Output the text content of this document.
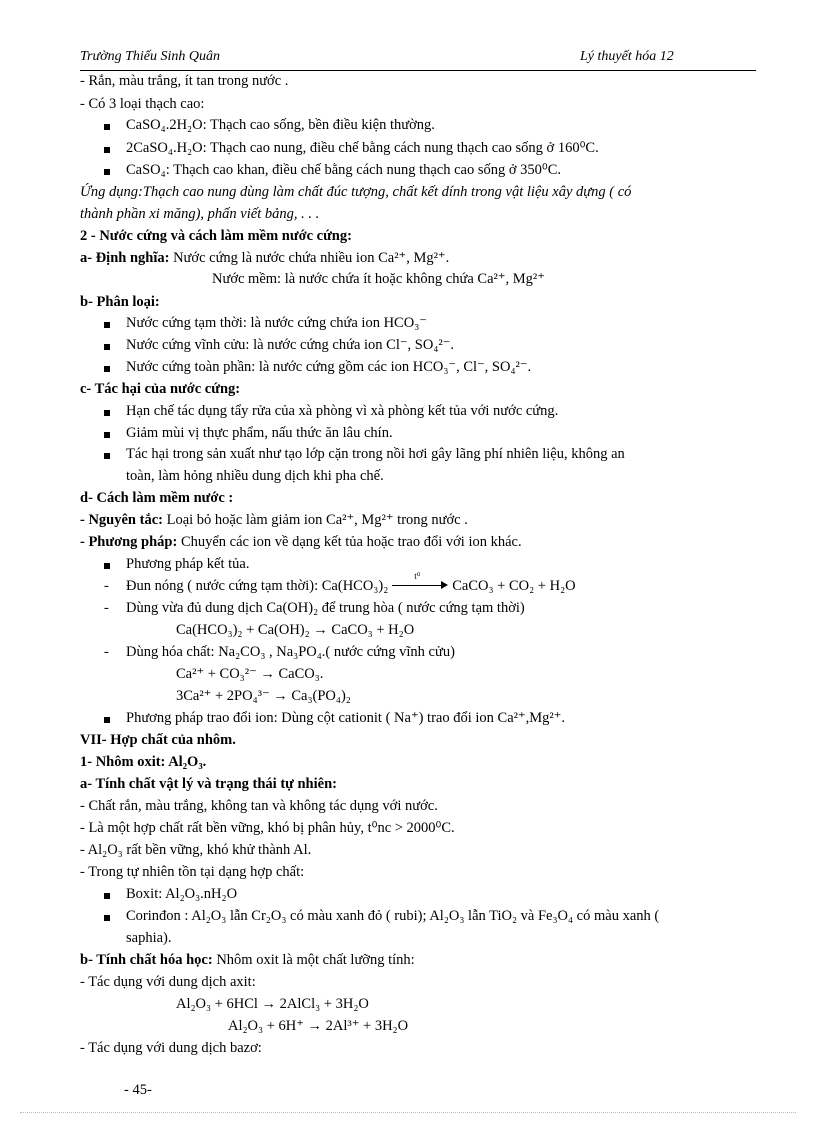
Trường Thiếu Sinh Quân	Lý thuyết hóa 12
- Rắn, màu trắng, ít tan trong nước .
- Có 3 loại thạch cao:
CaSO₄.2H₂O: Thạch cao sống, bền điều kiện thường.
2CaSO₄.H₂O: Thạch cao nung, điều chế bằng cách nung thạch cao sống ở 160⁰C.
CaSO₄: Thạch cao khan, điều chế bằng cách nung thạch cao sống ở 350⁰C.
Ứng dụng:Thạch cao nung dùng làm chất đúc tượng, chất kết dính trong vật liệu xây dựng ( có
thành phần xi măng), phấn viết bảng, . . .
2 - Nước cứng và cách làm mềm nước cứng:
a- Định nghĩa: Nước cứng là nước chứa nhiều ion Ca²⁺, Mg²⁺.
Nước mềm: là nước chứa ít hoặc không chứa Ca²⁺, Mg²⁺
b- Phân loại:
Nước cứng tạm thời: là nước cứng chứa ion HCO₃⁻
Nước cứng vĩnh cửu: là nước cứng chứa ion Cl⁻, SO₄²⁻.
Nước cứng toàn phần: là nước cứng gồm các ion HCO₃⁻, Cl⁻, SO₄²⁻.
c- Tác hại của nước cứng:
Hạn chế tác dụng tẩy rửa của xà phòng vì xà phòng kết tủa với nước cứng.
Giảm mùi vị thực phẩm, nấu thức ăn lâu chín.
Tác hại trong sản xuất như tạo lớp cặn trong nồi hơi gây lãng phí nhiên liệu, không an
toàn, làm hỏng nhiều dung dịch khi pha chế.
d- Cách làm mềm nước :
- Nguyên tắc: Loại bỏ hoặc làm giảm ion Ca²⁺, Mg²⁺ trong nước .
- Phương pháp: Chuyển các ion về dạng kết tủa hoặc trao đổi với ion khác.
Phương pháp kết tủa.
- Đun nóng ( nước cứng tạm thời): Ca(HCO₃)₂
t⁰
CaCO₃ + CO₂ + H₂O
- Dùng vừa đủ dung dịch Ca(OH)₂ để trung hòa ( nước cứng tạm thời)
Ca(HCO₃)₂ + Ca(OH)₂ → CaCO₃ + H₂O
- Dùng hóa chất: Na₂CO₃ , Na₃PO₄.( nước cứng vĩnh cửu)
Ca²⁺ + CO₃²⁻ → CaCO₃.
3Ca²⁺ + 2PO₄³⁻ → Ca₃(PO₄)₂
Phương pháp trao đổi ion: Dùng cột cationit ( Na⁺) trao đổi ion Ca²⁺,Mg²⁺.
VII- Hợp chất của nhôm.
1- Nhôm oxit: Al₂O₃.
a- Tính chất vật lý và trạng thái tự nhiên:
- Chất rắn, màu trắng, không tan và không tác dụng với nước.
- Là một hợp chất rất bền vững, khó bị phân hủy, t⁰nc > 2000⁰C.
- Al₂O₃ rất bền vững, khó khử thành Al.
- Trong tự nhiên tồn tại dạng hợp chất:
Boxit: Al₂O₃.nH₂O
Corinđon : Al₂O₃ lẫn Cr₂O₃ có màu xanh đỏ ( rubi); Al₂O₃ lẫn TiO₂ và Fe₃O₄ có màu xanh (
saphia).
b- Tính chất hóa học: Nhôm oxit là một chất lưỡng tính:
- Tác dụng với dung dịch axit:
Al₂O₃ + 6HCl → 2AlCl₃ + 3H₂O
Al₂O₃ + 6H⁺ → 2Al³⁺ + 3H₂O
- Tác dụng với dung dịch bazơ:
- 45-
